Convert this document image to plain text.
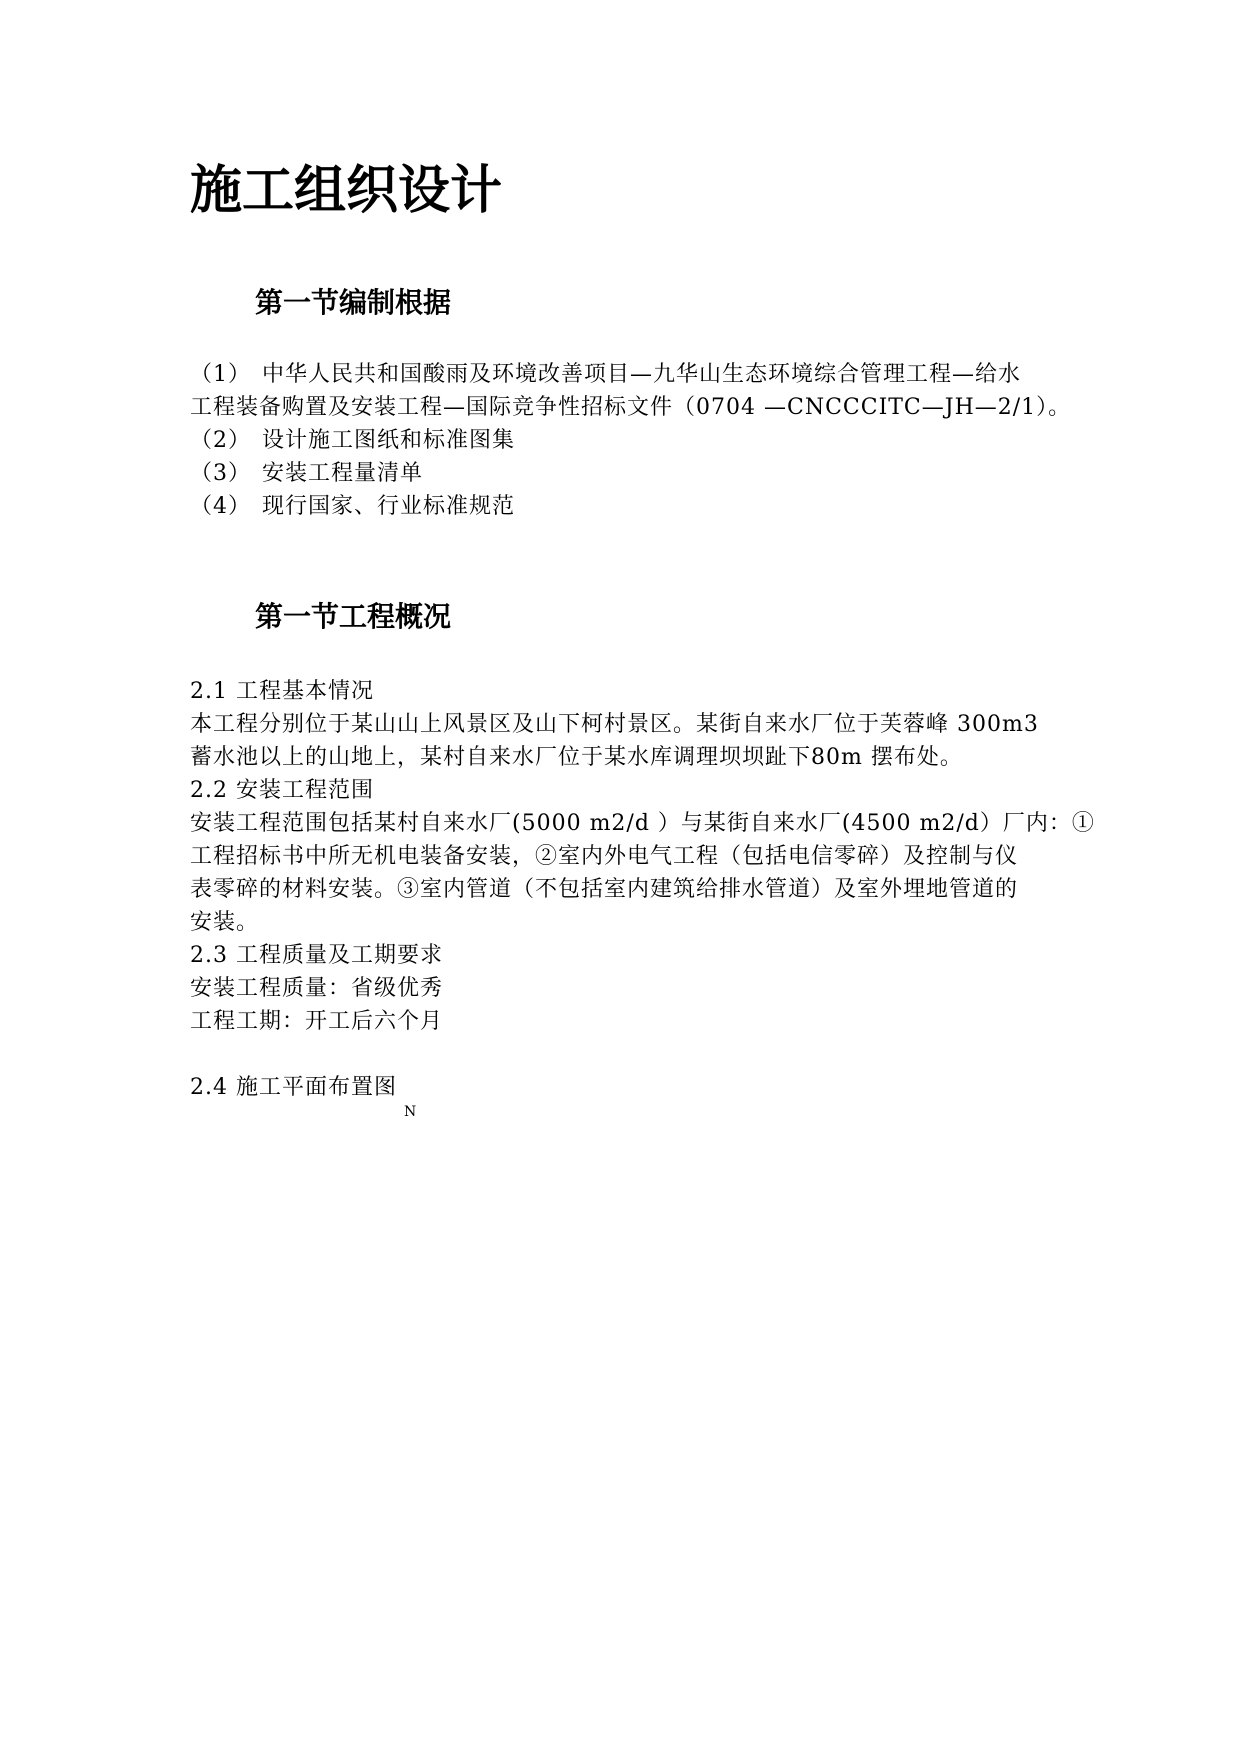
施工组织设计
第一节编制根据
（1） 中华人民共和国酸雨及环境改善项目—九华山生态环境综合管理工程—给水
工程装备购置及安装工程—国际竞争性招标文件（0704 —CNCCCITC—JH—2/1）。
（2） 设计施工图纸和标准图集
（3） 安装工程量清单
（4） 现行国家、行业标准规范
第一节工程概况
2.1 工程基本情况
本工程分别位于某山山上风景区及山下柯村景区。某街自来水厂位于芙蓉峰 300m3
蓄水池以上的山地上，某村自来水厂位于某水库调理坝坝趾下80m 摆布处。
2.2 安装工程范围
安装工程范围包括某村自来水厂(5000 m2/d ）与某街自来水厂(4500 m2/d）厂内：①
工程招标书中所无机电装备安装，②室内外电气工程（包括电信零碎）及控制与仪
表零碎的材料安装。③室内管道（不包括室内建筑给排水管道）及室外埋地管道的
安装。
2.3 工程质量及工期要求
安装工程质量：省级优秀
工程工期：开工后六个月
2.4 施工平面布置图
N
